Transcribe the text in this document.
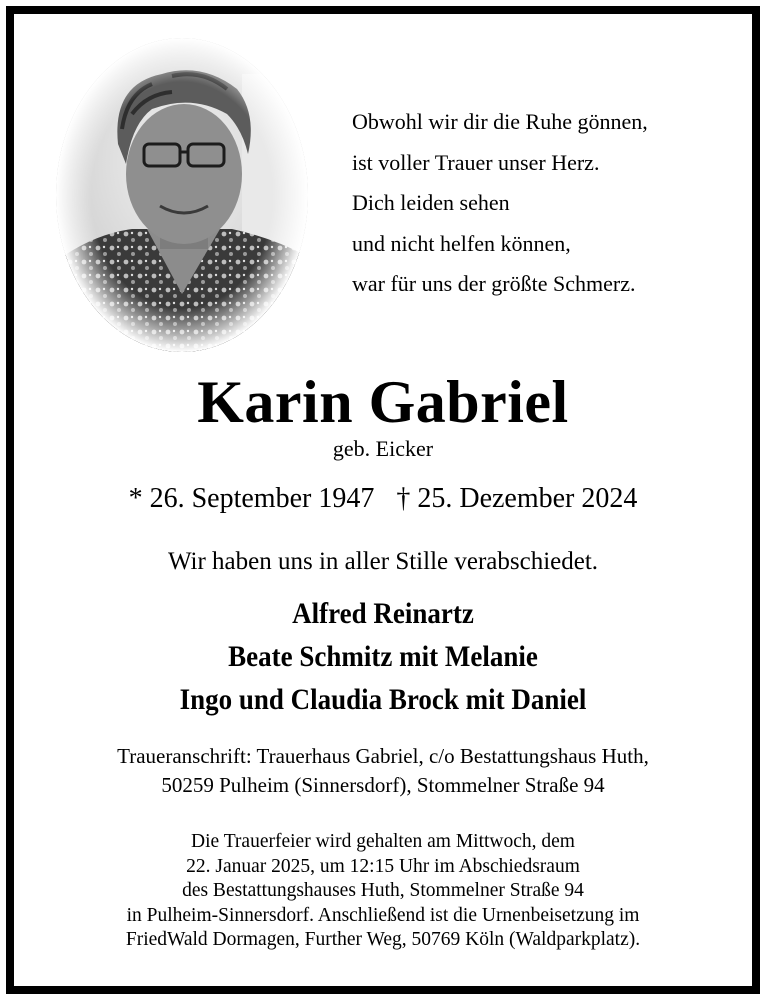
Obwohl wir dir die Ruhe gönnen,
ist voller Trauer unser Herz.
Dich leiden sehen
und nicht helfen können,
war für uns der größte Schmerz.
Karin Gabriel
geb. Eicker
* 26. September 1947 † 25. Dezember 2024
Wir haben uns in aller Stille verabschiedet.
Alfred Reinartz
Beate Schmitz mit Melanie
Ingo und Claudia Brock mit Daniel
Traueranschrift: Trauerhaus Gabriel, c/o Bestattungshaus Huth,
50259 Pulheim (Sinnersdorf), Stommelner Straße 94
Die Trauerfeier wird gehalten am Mittwoch, dem
22. Januar 2025, um 12:15 Uhr im Abschiedsraum
des Bestattungshauses Huth, Stommelner Straße 94
in Pulheim-Sinnersdorf. Anschließend ist die Urnenbeisetzung im
FriedWald Dormagen, Further Weg, 50769 Köln (Waldparkplatz).
